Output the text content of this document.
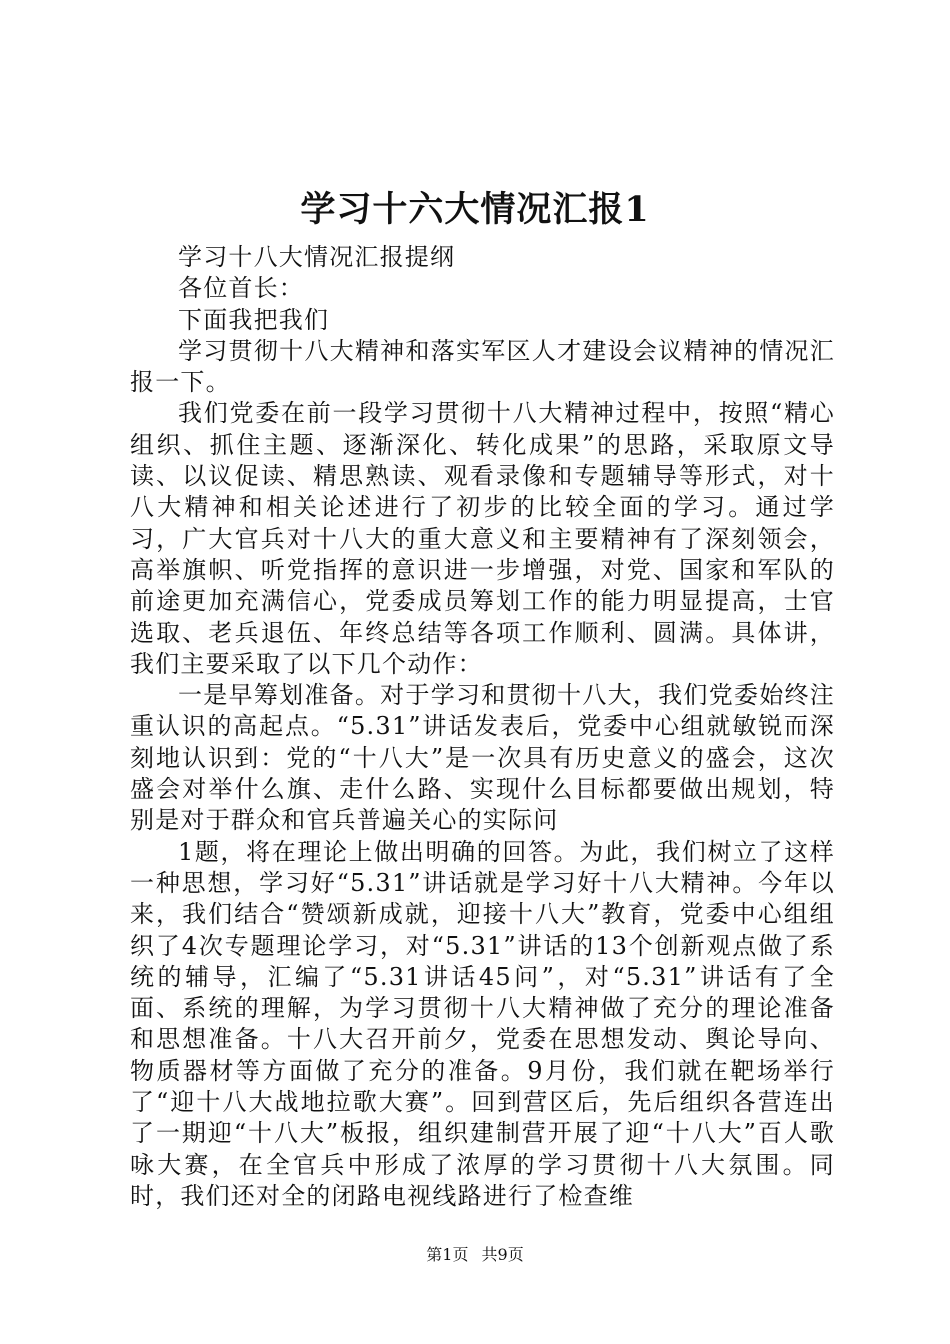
学习十六大情况汇报1

学习十八大情况汇报提纲

各位首长：

下面我把我们

学习贯彻十八大精神和落实军区人才建设会议精神的情况汇报一下。

我们党委在前一段学习贯彻十八大精神过程中，按照“精心组织、抓住主题、逐渐深化、转化成果”的思路，采取原文导读、以议促读、精思熟读、观看录像和专题辅导等形式，对十八大精神和相关论述进行了初步的比较全面的学习。通过学习，广大官兵对十八大的重大意义和主要精神有了深刻领会，高举旗帜、听党指挥的意识进一步增强，对党、国家和军队的前途更加充满信心，党委成员筹划工作的能力明显提高，士官选取、老兵退伍、年终总结等各项工作顺利、圆满。具体讲，我们主要采取了以下几个动作：

一是早筹划准备。对于学习和贯彻十八大，我们党委始终注重认识的高起点。“5.31”讲话发表后，党委中心组就敏锐而深刻地认识到：党的“十八大”是一次具有历史意义的盛会，这次盛会对举什么旗、走什么路、实现什么目标都要做出规划，特别是对于群众和官兵普遍关心的实际问

1题，将在理论上做出明确的回答。为此，我们树立了这样一种思想，学习好“5.31”讲话就是学习好十八大精神。今年以来，我们结合“赞颂新成就，迎接十八大”教育，党委中心组组织了4次专题理论学习，对“5.31”讲话的13个创新观点做了系统的辅导，汇编了“5.31讲话45问”，对“5.31”讲话有了全面、系统的理解，为学习贯彻十八大精神做了充分的理论准备和思想准备。十八大召开前夕，党委在思想发动、舆论导向、物质器材等方面做了充分的准备。9月份，我们就在靶场举行了“迎十八大战地拉歌大赛”。回到营区后，先后组织各营连出了一期迎“十八大”板报，组织建制营开展了迎“十八大”百人歌咏大赛，在全官兵中形成了浓厚的学习贯彻十八大氛围。同时，我们还对全的闭路电视线路进行了检查维

第1页 共9页
